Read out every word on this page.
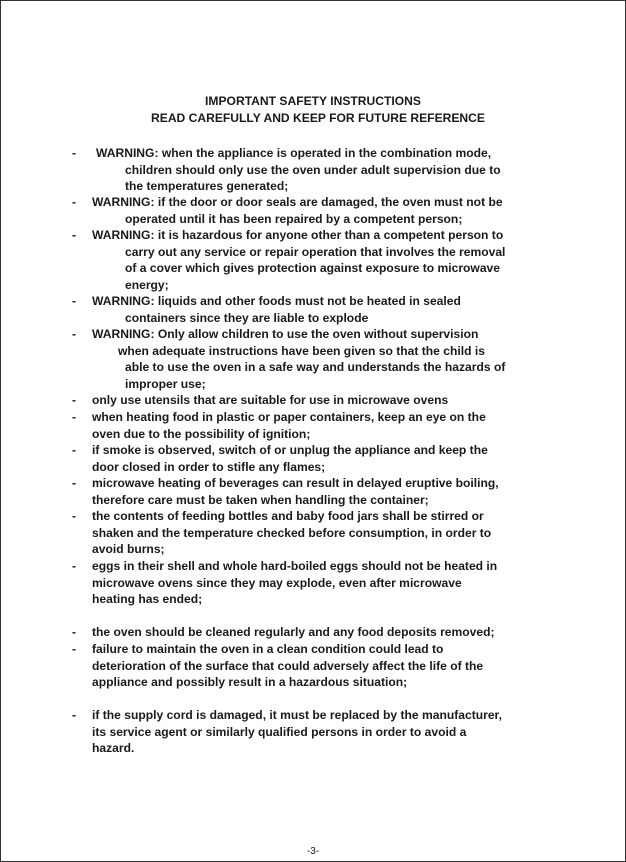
IMPORTANT SAFETY INSTRUCTIONS
READ CAREFULLY AND KEEP FOR FUTURE REFERENCE
-	WARNING: when the appliance is operated in the combination mode,
children should only use the oven under adult supervision due to
the temperatures generated;
-	WARNING: if the door or door seals are damaged, the oven must not be
operated until it has been repaired by a competent person;
-	WARNING: it is hazardous for anyone other than a competent person to
carry out any service or repair operation that involves the removal
of a cover which gives protection against exposure to microwave
energy;
-	WARNING: liquids and other foods must not be heated in sealed
containers since they are liable to explode
-	WARNING: Only allow children to use the oven without supervision
when adequate instructions have been given so that the child is
able to use the oven in a safe way and understands the hazards of
improper use;
-	only use utensils that are suitable for use in microwave ovens
-	when heating food in plastic or paper containers, keep an eye on the
oven due to the possibility of ignition;
-	if smoke is observed, switch of or unplug the appliance and keep the
door closed in order to stifle any flames;
-	microwave heating of beverages can result in delayed eruptive boiling,
therefore care must be taken when handling the container;
-	the contents of feeding bottles and baby food jars shall be stirred or
shaken and the temperature checked before consumption, in order to
avoid burns;
-	eggs in their shell and whole hard-boiled eggs should not be heated in
microwave ovens since they may explode, even after microwave
heating has ended;
-	the oven should be cleaned regularly and any food deposits removed;
-	failure to maintain the oven in a clean condition could lead to
deterioration of the surface that could adversely affect the life of the
appliance and possibly result in a hazardous situation;
-	if the supply cord is damaged, it must be replaced by the manufacturer,
its service agent or similarly qualified persons in order to avoid a
hazard.
-3-
